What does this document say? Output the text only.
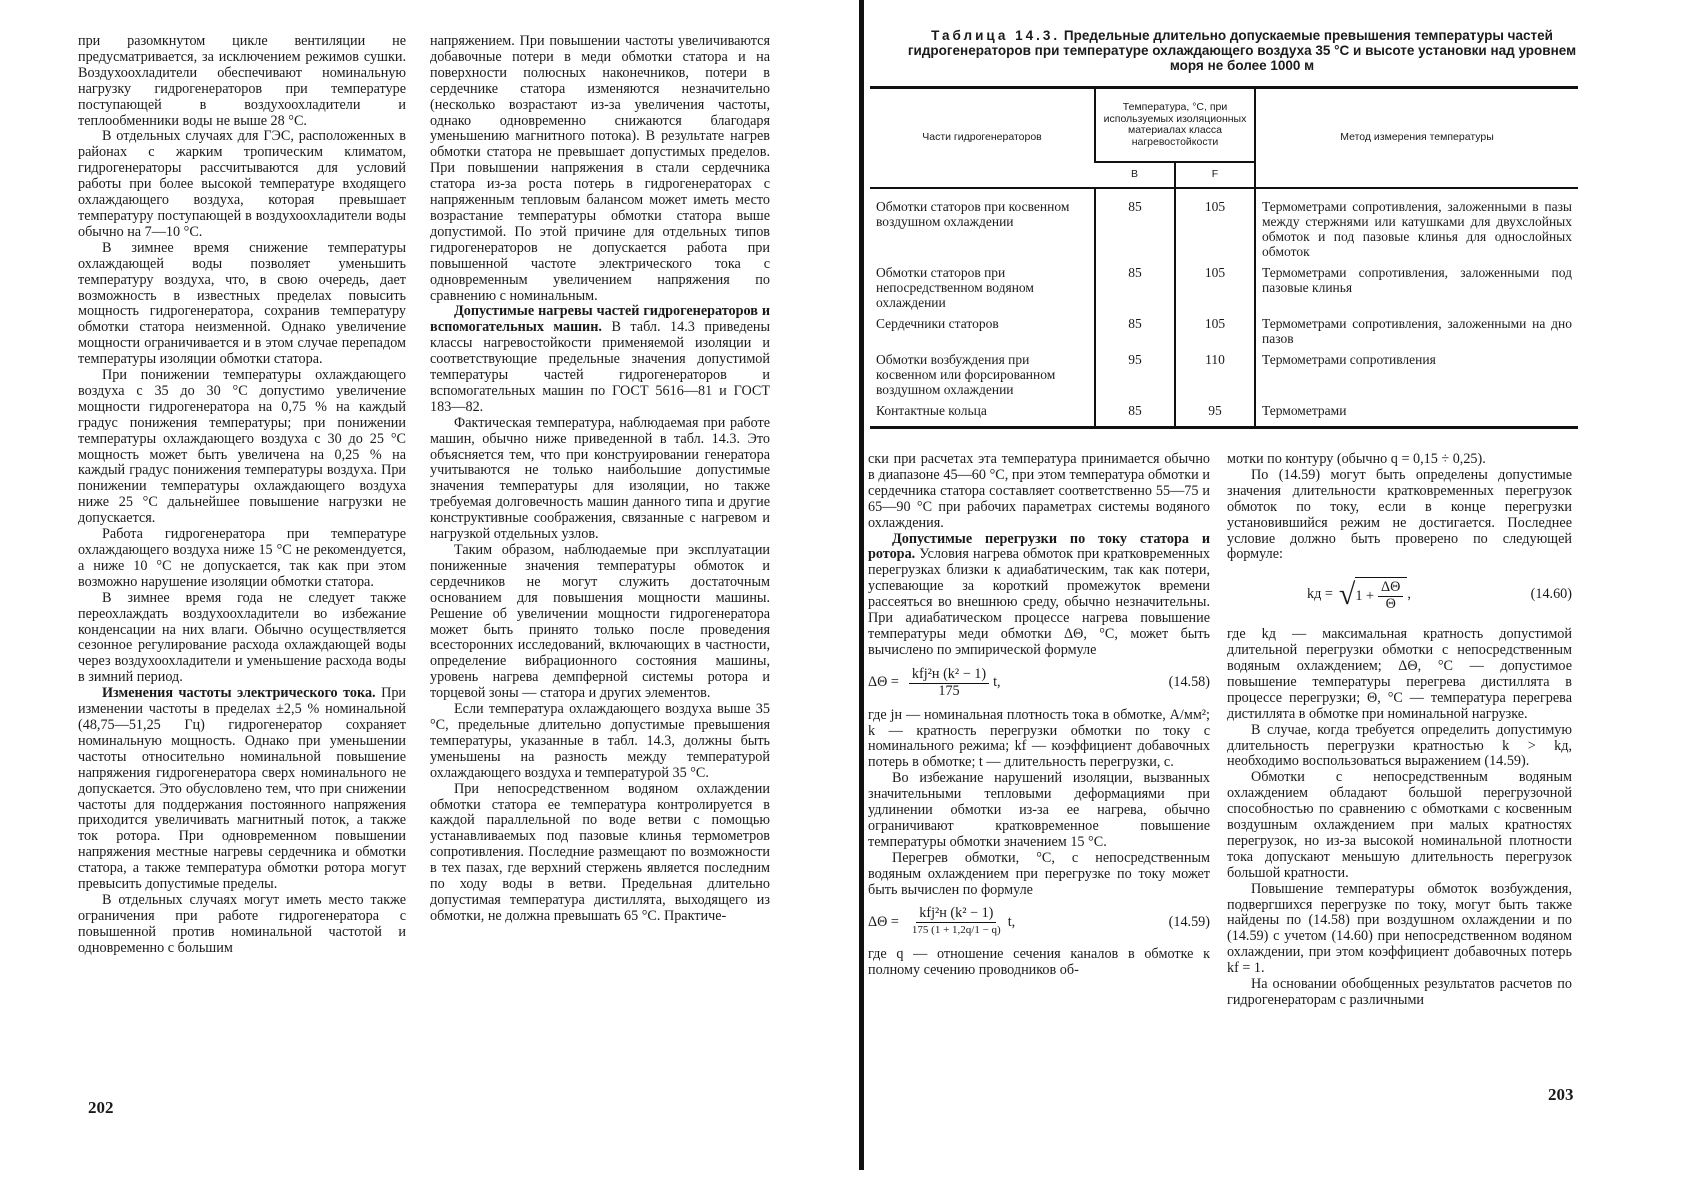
при разомкнутом цикле вентиляции не предусматривается, за исключением режимов сушки. Воздухоохладители обеспечивают номинальную нагрузку гидрогенераторов при температуре поступающей в воздухоохладители и теплообменники воды не выше 28 °С.

В отдельных случаях для ГЭС, расположенных в районах с жарким тропическим климатом, гидрогенераторы рассчитываются для условий работы при более высокой температуре входящего охлаждающего воздуха, которая превышает температуру поступающей в воздухоохладители воды обычно на 7—10 °С.

В зимнее время снижение температуры охлаждающей воды позволяет уменьшить температуру воздуха, что, в свою очередь, дает возможность в известных пределах повысить мощность гидрогенератора, сохранив температуру обмотки статора неизменной. Однако увеличение мощности ограничивается и в этом случае перепадом температуры изоляции обмотки статора.

При понижении температуры охлаждающего воздуха с 35 до 30 °С допустимо увеличение мощности гидрогенератора на 0,75 % на каждый градус понижения температуры; при понижении температуры охлаждающего воздуха с 30 до 25 °С мощность может быть увеличена на 0,25 % на каждый градус понижения температуры воздуха. При понижении температуры охлаждающего воздуха ниже 25 °С дальнейшее повышение нагрузки не допускается.

Работа гидрогенератора при температуре охлаждающего воздуха ниже 15 °С не рекомендуется, а ниже 10 °С не допускается, так как при этом возможно нарушение изоляции обмотки статора.

В зимнее время года не следует также переохлаждать воздухоохладители во избежание конденсации на них влаги. Обычно осуществляется сезонное регулирование расхода охлаждающей воды через воздухоохладители и уменьшение расхода воды в зимний период.

Изменения частоты электрического тока. При изменении частоты в пределах ±2,5 % номинальной (48,75—51,25 Гц) гидрогенератор сохраняет номинальную мощность. Однако при уменьшении частоты относительно номинальной повышение напряжения гидрогенератора сверх номинального не допускается. Это обусловлено тем, что при снижении частоты для поддержания постоянного напряжения приходится увеличивать магнитный поток, а также ток ротора. При одновременном повышении напряжения местные нагревы сердечника и обмотки статора, а также температура обмотки ротора могут превысить допустимые пределы.

В отдельных случаях могут иметь место также ограничения при работе гидрогенератора с повышенной против номинальной частотой и одновременно с большим

напряжением. При повышении частоты увеличиваются добавочные потери в меди обмотки статора и на поверхности полюсных наконечников, потери в сердечнике статора изменяются незначительно (несколько возрастают из-за увеличения частоты, однако одновременно снижаются благодаря уменьшению магнитного потока). В результате нагрев обмотки статора не превышает допустимых пределов. При повышении напряжения в стали сердечника статора из-за роста потерь в гидрогенераторах с напряженным тепловым балансом может иметь место возрастание температуры обмотки статора выше допустимой. По этой причине для отдельных типов гидрогенераторов не допускается работа при повышенной частоте электрического тока с одновременным увеличением напряжения по сравнению с номинальным.

Допустимые нагревы частей гидрогенераторов и вспомогательных машин. В табл. 14.3 приведены классы нагревостойкости применяемой изоляции и соответствующие предельные значения допустимой температуры частей гидрогенераторов и вспомогательных машин по ГОСТ 5616—81 и ГОСТ 183—82.

Фактическая температура, наблюдаемая при работе машин, обычно ниже приведенной в табл. 14.3. Это объясняется тем, что при конструировании генератора учитываются не только наибольшие допустимые значения температуры для изоляции, но также требуемая долговечность машин данного типа и другие конструктивные соображения, связанные с нагревом и нагрузкой отдельных узлов.

Таким образом, наблюдаемые при эксплуатации пониженные значения температуры обмоток и сердечников не могут служить достаточным основанием для повышения мощности машины. Решение об увеличении мощности гидрогенератора может быть принято только после проведения всесторонних исследований, включающих в частности, определение вибрационного состояния машины, уровень нагрева демпферной системы ротора и торцевой зоны — статора и других элементов.

Если температура охлаждающего воздуха выше 35 °С, предельные длительно допустимые превышения температуры, указанные в табл. 14.3, должны быть уменьшены на разность между температурой охлаждающего воздуха и температурой 35 °С.

При непосредственном водяном охлаждении обмотки статора ее температура контролируется в каждой параллельной по воде ветви с помощью устанавливаемых под пазовые клинья термометров сопротивления. Последние размещают по возможности в тех пазах, где верхний стержень является последним по ходу воды в ветви. Предельная длительно допустимая температура дистиллята, выходящего из обмотки, не должна превышать 65 °С. Практиче-

202
Таблица 14.3. Предельные длительно допускаемые превышения температуры частей гидрогенераторов при температуре охлаждающего воздуха 35 °С и высоте установки над уровнем моря не более 1000 м
Части гидрогенераторов	Температура, °С, при используемых изоляционных материалах класса нагревостойкости		Метод измерения температуры
	В	F	
Обмотки статоров при косвенном воздушном охлаждении	85	105	Термометрами сопротивления, заложенными в пазы между стержнями или катушками для двухслойных обмоток и под пазовые клинья для однослойных обмоток
Обмотки статоров при непосредственном водяном охлаждении	85	105	Термометрами сопротивления, заложенными под пазовые клинья
Сердечники статоров	85	105	Термометрами сопротивления, заложенными на дно пазов
Обмотки возбуждения при косвенном или форсированном воздушном охлаждении	95	110	Термометрами сопротивления
Контактные кольца	85	95	Термометрами

ски при расчетах эта температура принимается обычно в диапазоне 45—60 °С, при этом температура обмотки и сердечника статора составляет соответственно 55—75 и 65—90 °С при рабочих параметрах системы водяного охлаждения.

Допустимые перегрузки по току статора и ротора. Условия нагрева обмоток при кратковременных перегрузках близки к адиабатическим, так как потери, успевающие за короткий промежуток времени рассеяться во внешнюю среду, обычно незначительны. При адиабатическом процессе нагрева повышение температуры меди обмотки ΔΘ, °С, может быть вычислено по эмпирической формуле

$\Delta\Theta = \frac{\text{kfj²н (k² − 1)}}{175} t$,	(14.58)

где jн — номинальная плотность тока в обмотке, А/мм²; k — кратность перегрузки обмотки по току с номинального режима; kf — коэффициент добавочных потерь в обмотке; t — длительность перегрузки, с.

Во избежание нарушений изоляции, вызванных значительными тепловыми деформациями при удлинении обмотки из-за ее нагрева, обычно ограничивают кратковременное повышение температуры обмотки значением 15 °С.

Перегрев обмотки, °С, с непосредственным водяным охлаждением при перегрузке по току может быть вычислен по формуле

$\Delta\Theta = \frac{\text{kfj²н (k² − 1)}}{175 (1 + 1,2q/1 - q)} t$,	(14.59)

где q — отношение сечения каналов в обмотке к полному сечению проводников об-

мотки по контуру (обычно q = 0,15 ÷ 0,25).

По (14.59) могут быть определены допустимые значения длительности кратковременных перегрузок обмоток по току, если в конце перегрузки установившийся режим не достигается. Последнее условие должно быть проверено по следующей формуле:

kд = √ $1 + \frac{\Delta\Theta}{\Theta}$ ,	(14.60)

где kд — максимальная кратность допустимой длительной перегрузки обмотки с непосредственным водяным охлаждением; ΔΘ, °С — допустимое повышение температуры перегрева дистиллята в процессе перегрузки; Θ, °С — температура перегрева дистиллята в обмотке при номинальной нагрузке.

В случае, когда требуется определить допустимую длительность перегрузки кратностью k > kд, необходимо воспользоваться выражением (14.59).

Обмотки с непосредственным водяным охлаждением обладают большой перегрузочной способностью по сравнению с обмотками с косвенным воздушным охлаждением при малых кратностях перегрузок, но из-за высокой номинальной плотности тока допускают меньшую длительность перегрузок большой кратности.

Повышение температуры обмоток возбуждения, подвергшихся перегрузке по току, могут быть также найдены по (14.58) при воздушном охлаждении и по (14.59) с учетом (14.60) при непосредственном водяном охлаждении, при этом коэффициент добавочных потерь kf = 1.

На основании обобщенных результатов расчетов по гидрогенераторам с различными

203
